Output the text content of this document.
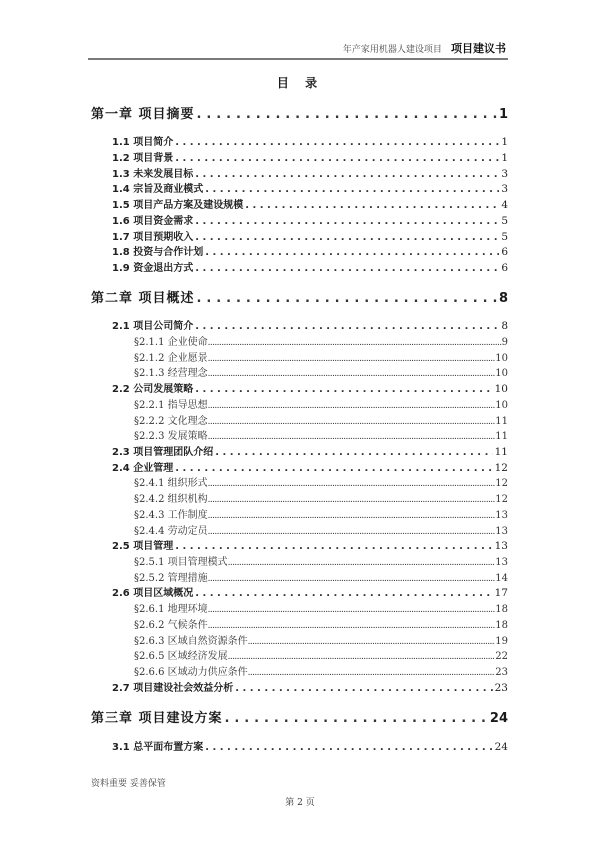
年产家用机器人建设项目 项目建议书
目 录
第一章 项目摘要 . . .	1
1.1 项目简介 . . .	1
1.2 项目背景 . . .	1
1.3 未来发展目标 . . .	3
1.4 宗旨及商业模式 . . .	3
1.5 项目产品方案及建设规模 . . .	4
1.6 项目资金需求 . . .	5
1.7 项目预期收入 . . .	5
1.8 投资与合作计划 . . .	6
1.9 资金退出方式 . . .	6
第二章 项目概述 . . .	8
2.1 项目公司简介 . . .	8
§2.1.1 企业使命 .....	9
§2.1.2 企业愿景 .....	10
§2.1.3 经营理念 .....	10
2.2 公司发展策略 . . .	10
§2.2.1 指导思想 .....	10
§2.2.2 文化理念 .....	11
§2.2.3 发展策略 .....	11
2.3 项目管理团队介绍 . . .	11
2.4 企业管理 . . .	12
§2.4.1 组织形式 .....	12
§2.4.2 组织机构 .....	12
§2.4.3 工作制度 .....	13
§2.4.4 劳动定员 .....	13
2.5 项目管理 . . .	13
§2.5.1 项目管理模式 .....	13
§2.5.2 管理措施 .....	14
2.6 项目区域概况 . . .	17
§2.6.1 地理环境 .....	18
§2.6.2 气候条件 .....	18
§2.6.3 区域自然资源条件 .....	19
§2.6.5 区域经济发展 .....	22
§2.6.6 区域动力供应条件 .....	23
2.7 项目建设社会效益分析 . . .	23
第三章 项目建设方案 . . .	24
3.1 总平面布置方案 . . .	24
资料重要 妥善保管
第 2 页
